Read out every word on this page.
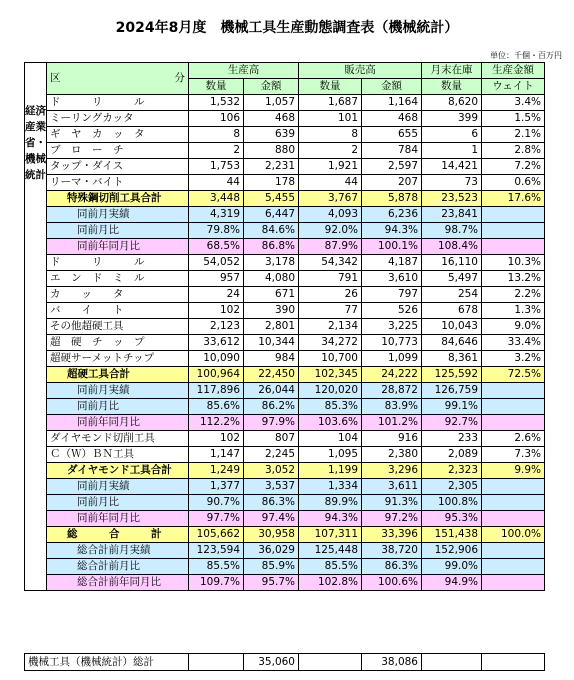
2024年8月度　機械工具生産動態調査表（機械統計）
単位：千個・百万円
経済産業省・機械統計	区 分	生産高		販売高		月末在庫	生産金額
		数量	金額	数量	金額	数量	ウェイト
	ド　　　リ　　　ル	1,532	1,057	1,687	1,164	8,620	3.4%
	ミーリングカッタ	106	468	101	468	399	1.5%
	ギ　ヤ　カ　ッ　タ	8	639	8	655	6	2.1%
	ブ　ロ　ー　チ	2	880	2	784	1	2.8%
	タップ・ダイス	1,753	2,231	1,921	2,597	14,421	7.2%
	リーマ・バイト	44	178	44	207	73	0.6%
	特殊鋼切削工具合計	3,448	5,455	3,767	5,878	23,523	17.6%
	同前月実績	4,319	6,447	4,093	6,236	23,841	
	同前月比	79.8%	84.6%	92.0%	94.3%	98.7%	
	同前年同月比	68.5%	86.8%	87.9%	100.1%	108.4%	
	ド　　　リ　　　ル	54,052	3,178	54,342	4,187	16,110	10.3%
	エ　ン　ド　ミ　ル	957	4,080	791	3,610	5,497	13.2%
	カ　　ッ　　タ	24	671	26	797	254	2.2%
	バ　　イ　　ト	102	390	77	526	678	1.3%
	その他超硬工具	2,123	2,801	2,134	3,225	10,043	9.0%
	超　硬　チ　ッ　プ	33,612	10,344	34,272	10,773	84,646	33.4%
	超硬サーメットチップ	10,090	984	10,700	1,099	8,361	3.2%
	超硬工具合計	100,964	22,450	102,345	24,222	125,592	72.5%
	同前月実績	117,896	26,044	120,020	28,872	126,759	
	同前月比	85.6%	86.2%	85.3%	83.9%	99.1%	
	同前年同月比	112.2%	97.9%	103.6%	101.2%	92.7%	
	ダイヤモンド切削工具	102	807	104	916	233	2.6%
	Ｃ（Ｗ）ＢＮ工具	1,147	2,245	1,095	2,380	2,089	7.3%
	ダイヤモンド工具合計	1,249	3,052	1,199	3,296	2,323	9.9%
	同前月実績	1,377	3,537	1,334	3,611	2,305	
	同前月比	90.7%	86.3%	89.9%	91.3%	100.8%	
	同前年同月比	97.7%	97.4%	94.3%	97.2%	95.3%	
	総　　　合　　　計	105,662	30,958	107,311	33,396	151,438	100.0%
	総合計前月実績	123,594	36,029	125,448	38,720	152,906	
	総合計前月比	85.5%	85.9%	85.5%	86.3%	99.0%	
	総合計前年同月比	109.7%	95.7%	102.8%	100.6%	94.9%	
機械工具（機械統計）総計		35,060		38,086		
